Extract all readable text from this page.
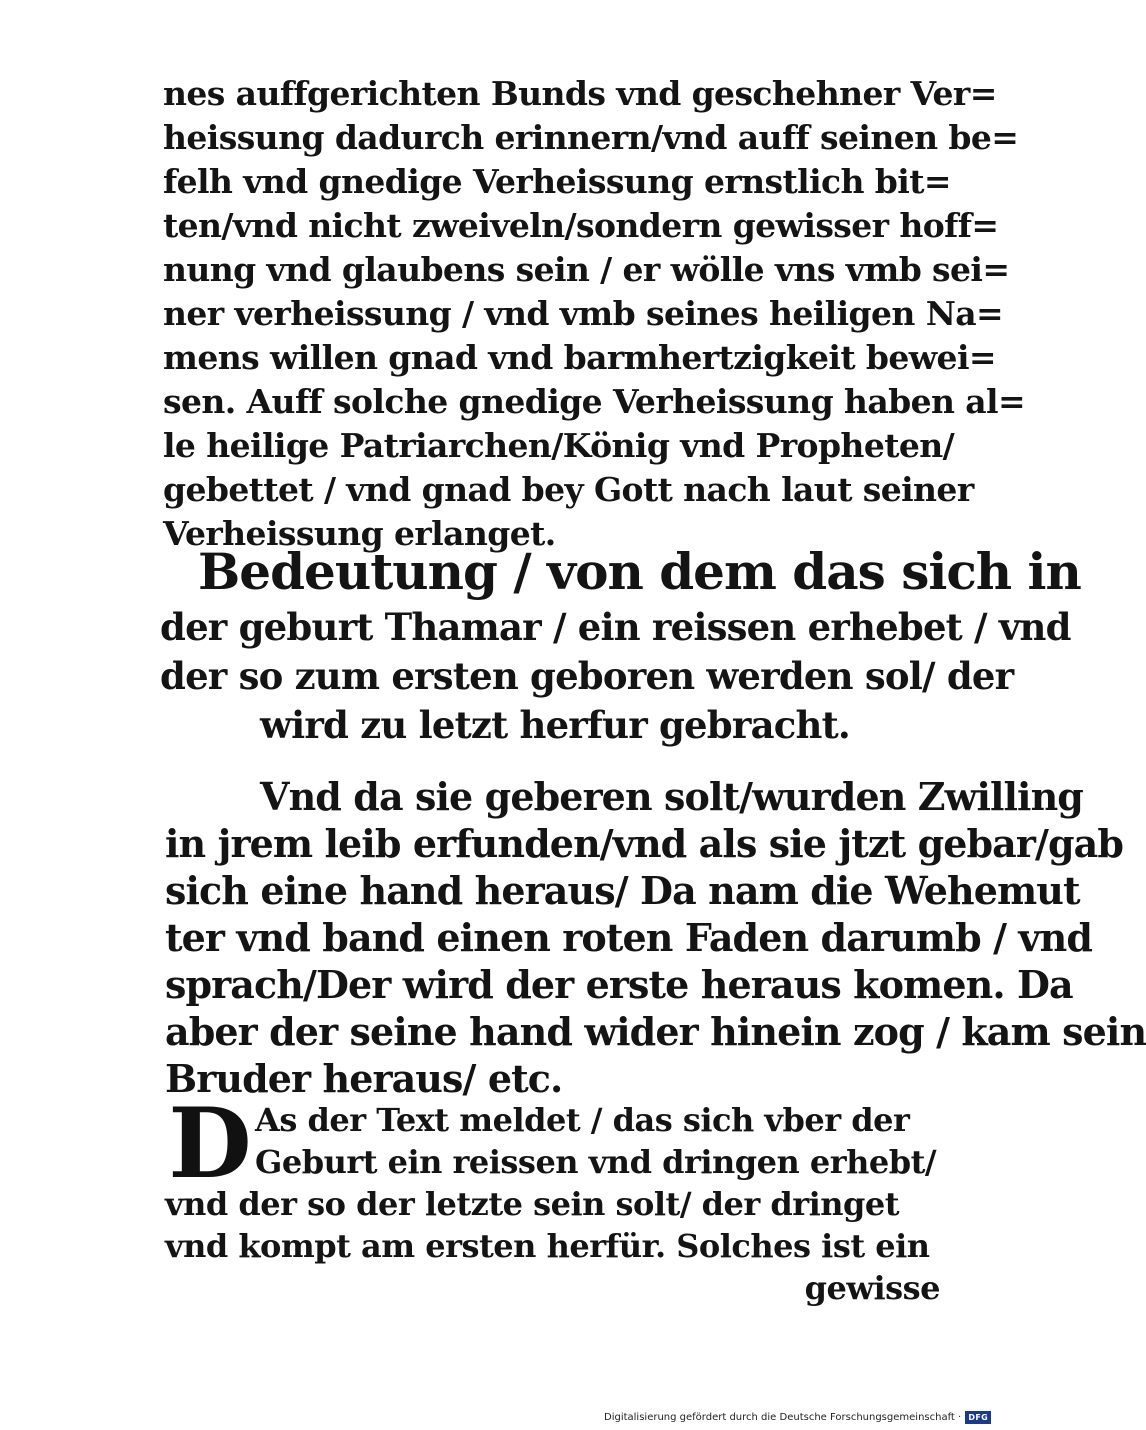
nes auffgerichten Bunds vnd geschehner Ver=
heissung dadurch erinnern/vnd auff seinen be=
felh vnd gnedige Verheissung ernstlich bit=
ten/vnd nicht zweiveln/sondern gewisser hoff=
nung vnd glaubens sein / er wölle vns vmb sei=
ner verheissung / vnd vmb seines heiligen Na=
mens willen gnad vnd barmhertzigkeit bewei=
sen. Auff solche gnedige Verheissung haben al=
le heilige Patriarchen/König vnd Propheten/
gebettet / vnd gnad bey Gott nach laut seiner
Verheissung erlanget.
Bedeutung / von dem das sich in
der geburt Thamar / ein reissen erhebet / vnd
der so zum ersten geboren werden sol/ der
wird zu letzt herfur gebracht.
Vnd da sie geberen solt/wurden Zwilling
in jrem leib erfunden/vnd als sie jtzt gebar/gab
sich eine hand heraus/ Da nam die Wehemut
ter vnd band einen roten Faden darumb / vnd
sprach/Der wird der erste heraus komen. Da
aber der seine hand wider hinein zog / kam sein
Bruder heraus/ etc.
D As der Text meldet / das sich vber der
Geburt ein reissen vnd dringen erhebt/
vnd der so der letzte sein solt/ der dringet
vnd kompt am ersten herfür. Solches ist ein
gewisse
Digitalisierung gefördert durch die Deutsche Forschungsgemeinschaft · DFG
